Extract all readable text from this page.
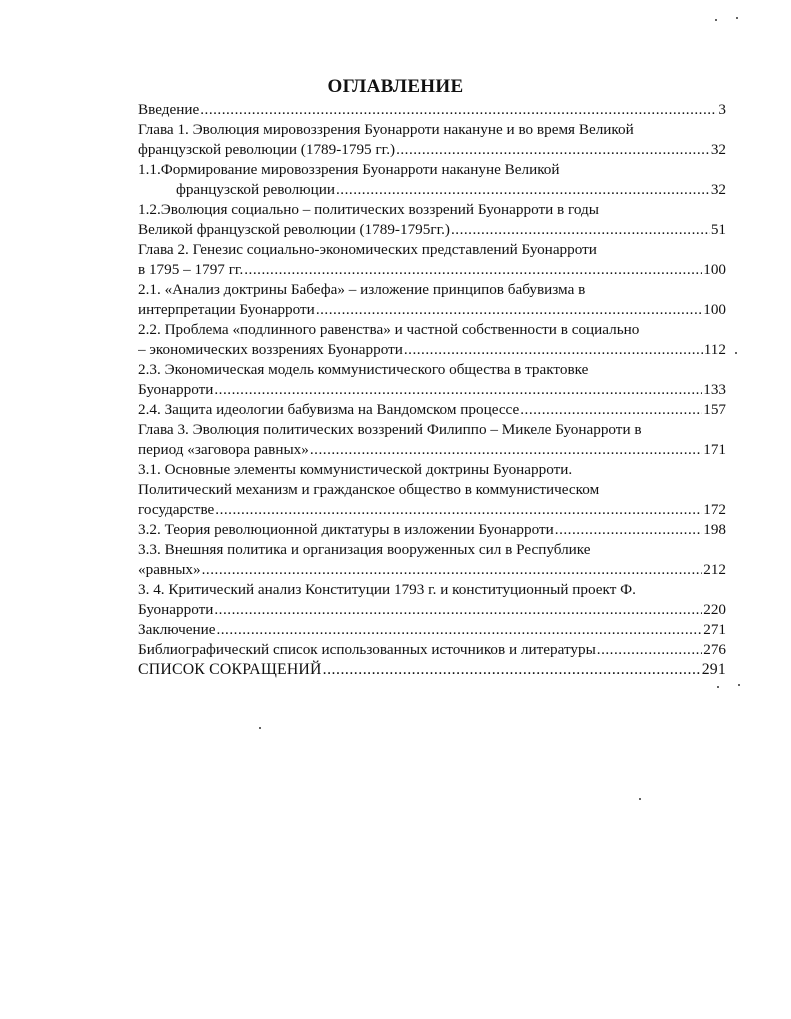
ОГЛАВЛЕНИЕ
Введение .....	3
Глава 1. Эволюция мировоззрения Буонарроти накануне и во время Великой
французской революции (1789-1795 гг.) .....	32
1.1.Формирование мировоззрения Буонарроти накануне Великой
французской революции .....	32
1.2.Эволюция социально – политических воззрений Буонарроти в годы
Великой французской революции (1789-1795гг.) .....	51
Глава 2. Генезис социально-экономических представлений Буонарроти
в 1795 – 1797 гг. .....	100
2.1. «Анализ доктрины Бабефа» – изложение принципов бабувизма в
интерпретации Буонарроти .....	100
2.2. Проблема «подлинного равенства» и частной собственности в социально
– экономических воззрениях Буонарроти .....	112
2.3. Экономическая модель коммунистического общества в трактовке
Буонарроти .....	133
2.4. Защита идеологии бабувизма на Вандомском процессе .....	157
Глава 3. Эволюция политических воззрений Филиппо – Микеле Буонарроти в
период «заговора равных» .....	171
3.1. Основные элементы коммунистической доктрины Буонарроти.
Политический механизм и гражданское общество в коммунистическом
государстве .....	172
3.2. Теория революционной диктатуры в изложении Буонарроти .....	198
3.3. Внешняя политика и организация вооруженных сил в Республике
«равных» .....	212
3. 4. Критический анализ Конституции 1793 г. и конституционный проект Ф.
Буонарроти .....	220
Заключение .....	271
Библиографический список использованных источников и литературы .....	276
СПИСОК СОКРАЩЕНИЙ .....	291
